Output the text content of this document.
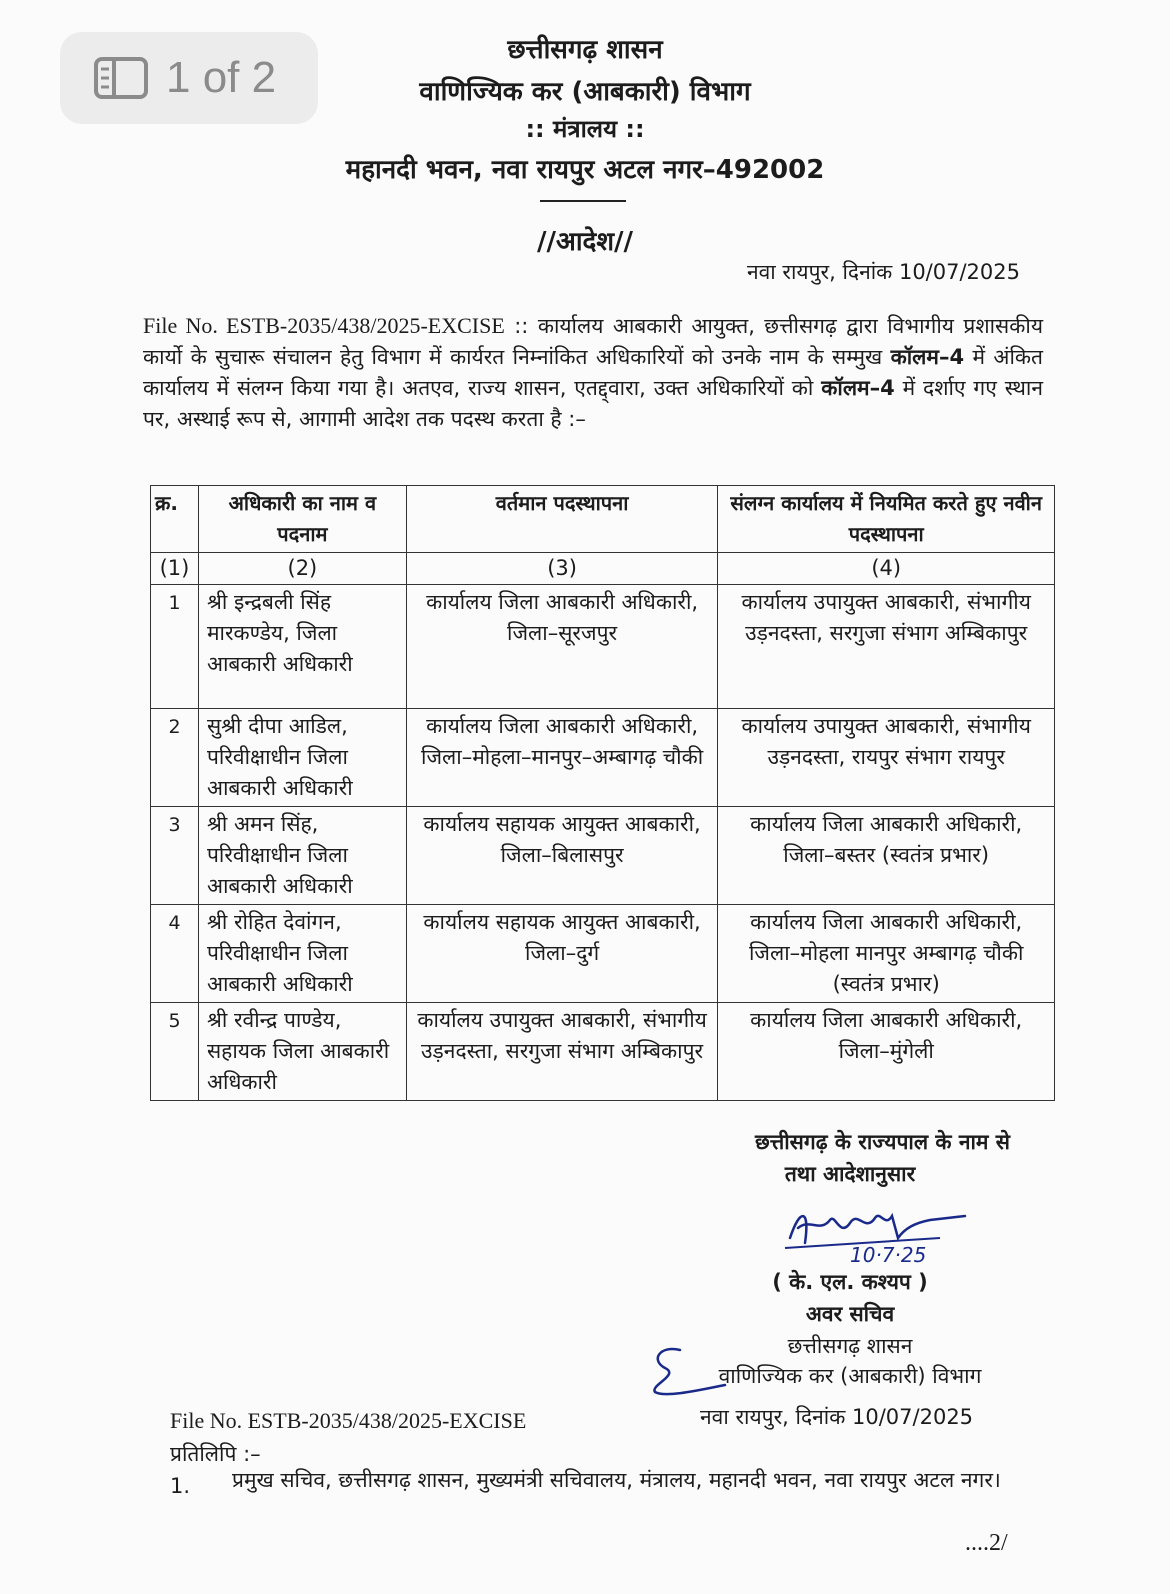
1 of 2
छत्तीसगढ़ शासन
वाणिज्यिक कर (आबकारी) विभाग
:: मंत्रालय ::
महानदी भवन, नवा रायपुर अटल नगर–492002
//आदेश//
नवा रायपुर, दिनांक 10/07/2025
File No. ESTB-2035/438/2025-EXCISE :: कार्यालय आबकारी आयुक्त, छत्तीसगढ़ द्वारा विभागीय प्रशासकीय कार्यो के सुचारू संचालन हेतु विभाग में कार्यरत निम्नांकित अधिकारियों को उनके नाम के सम्मुख कॉलम–4 में अंकित कार्यालय में संलग्न किया गया है। अतएव, राज्य शासन, एतद्द्वारा, उक्त अधिकारियों को कॉलम–4 में दर्शाए गए स्थान पर, अस्थाई रूप से, आगामी आदेश तक पदस्थ करता है :–
क्र.	अधिकारी का नाम व पदनाम	वर्तमान पदस्थापना	संलग्न कार्यालय में नियमित करते हुए नवीन पदस्थापना
(1)	(2)	(3)	(4)
1	श्री इन्द्रबली सिंह मारकण्डेय, जिला आबकारी अधिकारी	कार्यालय जिला आबकारी अधिकारी, जिला–सूरजपुर	कार्यालय उपायुक्त आबकारी, संभागीय उड़नदस्ता, सरगुजा संभाग अम्बिकापुर
2	सुश्री दीपा आडिल, परिवीक्षाधीन जिला आबकारी अधिकारी	कार्यालय जिला आबकारी अधिकारी, जिला–मोहला–मानपुर–अम्बागढ़ चौकी	कार्यालय उपायुक्त आबकारी, संभागीय उड़नदस्ता, रायपुर संभाग रायपुर
3	श्री अमन सिंह, परिवीक्षाधीन जिला आबकारी अधिकारी	कार्यालय सहायक आयुक्त आबकारी, जिला–बिलासपुर	कार्यालय जिला आबकारी अधिकारी, जिला–बस्तर (स्वतंत्र प्रभार)
4	श्री रोहित देवांगन, परिवीक्षाधीन जिला आबकारी अधिकारी	कार्यालय सहायक आयुक्त आबकारी, जिला–दुर्ग	कार्यालय जिला आबकारी अधिकारी, जिला–मोहला मानपुर अम्बागढ़ चौकी (स्वतंत्र प्रभार)
5	श्री रवीन्द्र पाण्डेय, सहायक जिला आबकारी अधिकारी	कार्यालय उपायुक्त आबकारी, संभागीय उड़नदस्ता, सरगुजा संभाग अम्बिकापुर	कार्यालय जिला आबकारी अधिकारी, जिला–मुंगेली
छत्तीसगढ़ के राज्यपाल के नाम से
तथा आदेशानुसार
10·7·25
( के. एल. कश्यप )
अवर सचिव
छत्तीसगढ़ शासन
वाणिज्यिक कर (आबकारी) विभाग
File No. ESTB-2035/438/2025-EXCISE	नवा रायपुर, दिनांक 10/07/2025
प्रतिलिपि :–
1.	प्रमुख सचिव, छत्तीसगढ़ शासन, मुख्यमंत्री सचिवालय, मंत्रालय, महानदी भवन, नवा रायपुर अटल नगर।
....2/
